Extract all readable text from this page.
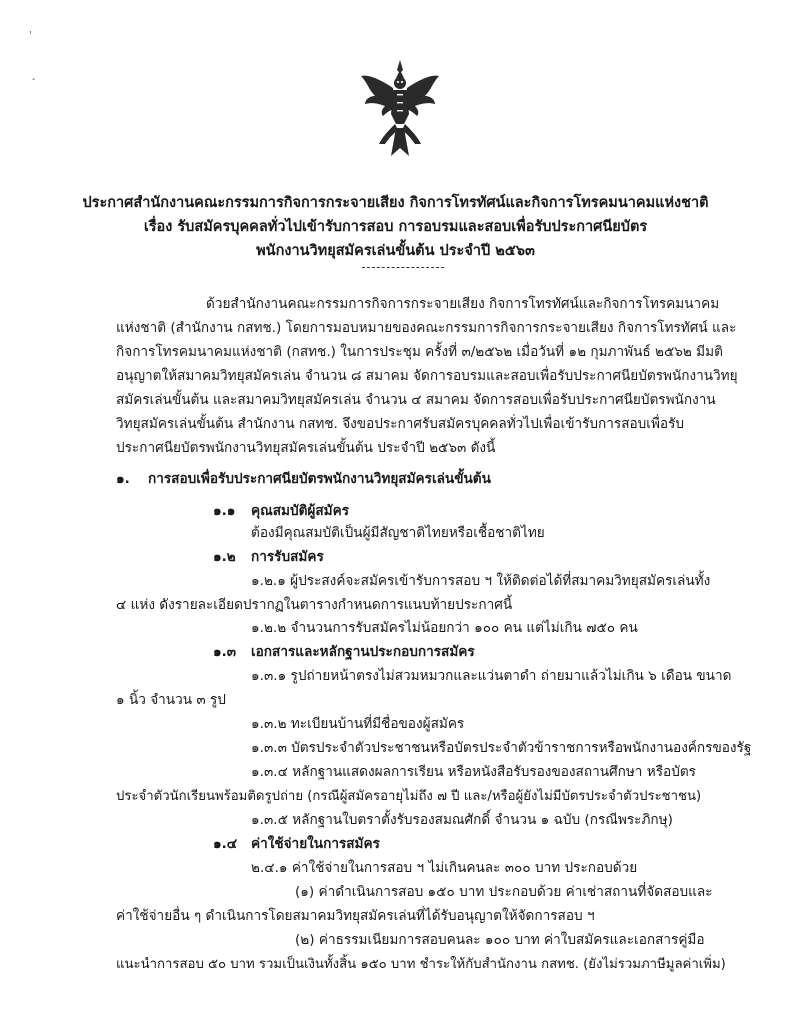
'
¸

ประกาศสำนักงานคณะกรรมการกิจการกระจายเสียง กิจการโทรทัศน์และกิจการโทรคมนาคมแห่งชาติ

เรื่อง รับสมัครบุคคลทั่วไปเข้ารับการสอบ การอบรมและสอบเพื่อรับประกาศนียบัตร

พนักงานวิทยุสมัครเล่นขั้นต้น ประจำปี ๒๕๖๓

ด้วยสำนักงานคณะกรรมการกิจการกระจายเสียง กิจการโทรทัศน์และกิจการโทรคมนาคม

แห่งชาติ (สำนักงาน กสทช.) โดยการมอบหมายของคณะกรรมการกิจการกระจายเสียง กิจการโทรทัศน์ และ

กิจการโทรคมนาคมแห่งชาติ (กสทช.) ในการประชุม ครั้งที่ ๓/๒๕๖๒ เมื่อวันที่ ๑๒ กุมภาพันธ์ ๒๕๖๒ มีมติ

อนุญาตให้สมาคมวิทยุสมัครเล่น จำนวน ๘ สมาคม จัดการอบรมและสอบเพื่อรับประกาศนียบัตรพนักงานวิทยุ

สมัครเล่นขั้นต้น และสมาคมวิทยุสมัครเล่น จำนวน ๔ สมาคม จัดการสอบเพื่อรับประกาศนียบัตรพนักงาน

วิทยุสมัครเล่นขั้นต้น สำนักงาน กสทช. จึงขอประกาศรับสมัครบุคคลทั่วไปเพื่อเข้ารับการสอบเพื่อรับ

ประกาศนียบัตรพนักงานวิทยุสมัครเล่นขั้นต้น ประจำปี ๒๕๖๓ ดังนี้

๑. การสอบเพื่อรับประกาศนียบัตรพนักงานวิทยุสมัครเล่นขั้นต้น

๑.๑ คุณสมบัติผู้สมัคร

ต้องมีคุณสมบัติเป็นผู้มีสัญชาติไทยหรือเชื้อชาติไทย

๑.๒ การรับสมัคร

๑.๒.๑ ผู้ประสงค์จะสมัครเข้ารับการสอบ ฯ ให้ติดต่อได้ที่สมาคมวิทยุสมัครเล่นทั้ง

๔ แห่ง ดังรายละเอียดปรากฏในตารางกำหนดการแนบท้ายประกาศนี้

๑.๒.๒ จำนวนการรับสมัครไม่น้อยกว่า ๑๐๐ คน แต่ไม่เกิน ๗๕๐ คน

๑.๓ เอกสารและหลักฐานประกอบการสมัคร

๑.๓.๑ รูปถ่ายหน้าตรงไม่สวมหมวกและแว่นตาดำ ถ่ายมาแล้วไม่เกิน ๖ เดือน ขนาด

๑ นิ้ว จำนวน ๓ รูป

๑.๓.๒ ทะเบียนบ้านที่มีชื่อของผู้สมัคร

๑.๓.๓ บัตรประจำตัวประชาชนหรือบัตรประจำตัวข้าราชการหรือพนักงานองค์กรของรัฐ

๑.๓.๔ หลักฐานแสดงผลการเรียน หรือหนังสือรับรองของสถานศึกษา หรือบัตร

ประจำตัวนักเรียนพร้อมติดรูปถ่าย (กรณีผู้สมัครอายุไม่ถึง ๗ ปี และ/หรือผู้ยังไม่มีบัตรประจำตัวประชาชน)

๑.๓.๕ หลักฐานใบตราตั้งรับรองสมณศักดิ์ จำนวน ๑ ฉบับ (กรณีพระภิกษุ)

๑.๔ ค่าใช้จ่ายในการสมัคร

๒.๔.๑ ค่าใช้จ่ายในการสอบ ฯ ไม่เกินคนละ ๓๐๐ บาท ประกอบด้วย

(๑) ค่าดำเนินการสอบ ๑๕๐ บาท ประกอบด้วย ค่าเช่าสถานที่จัดสอบและ

ค่าใช้จ่ายอื่น ๆ ดำเนินการโดยสมาคมวิทยุสมัครเล่นที่ได้รับอนุญาตให้จัดการสอบ ฯ

(๒) ค่าธรรมเนียมการสอบคนละ ๑๐๐ บาท ค่าใบสมัครและเอกสารคู่มือ

แนะนำการสอบ ๕๐ บาท รวมเป็นเงินทั้งสิ้น ๑๕๐ บาท ชำระให้กับสำนักงาน กสทช. (ยังไม่รวมภาษีมูลค่าเพิ่ม)
